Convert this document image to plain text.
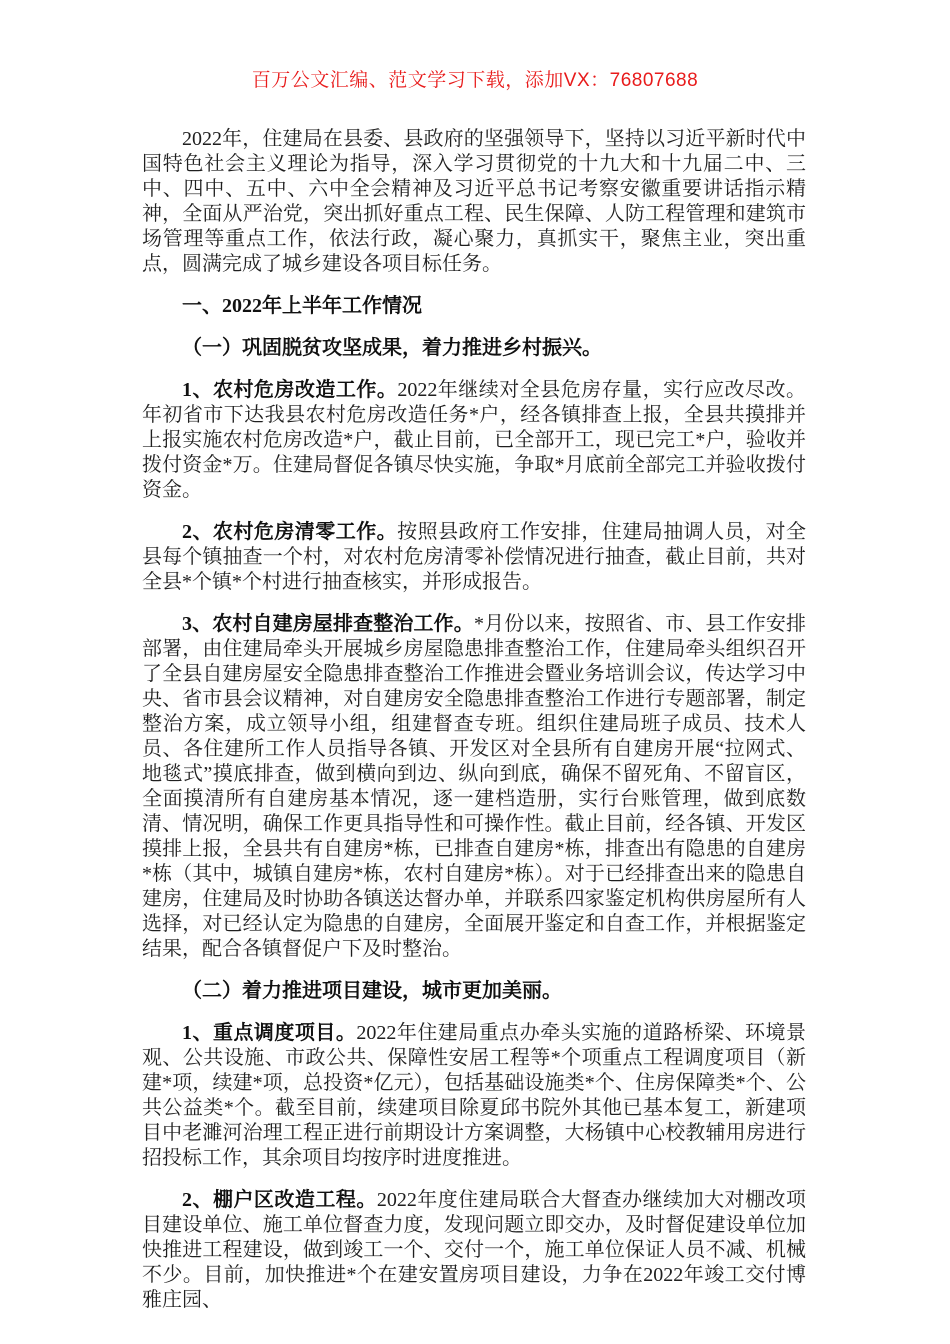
百万公文汇编、范文学习下载，添加VX：76807688

2022年，住建局在县委、县政府的坚强领导下，坚持以习近平新时代中国特色社会主义理论为指导，深入学习贯彻党的十九大和十九届二中、三中、四中、五中、六中全会精神及习近平总书记考察安徽重要讲话指示精神，全面从严治党，突出抓好重点工程、民生保障、人防工程管理和建筑市场管理等重点工作，依法行政，凝心聚力，真抓实干，聚焦主业，突出重点，圆满完成了城乡建设各项目标任务。

一、2022年上半年工作情况
（一）巩固脱贫攻坚成果，着力推进乡村振兴。

1、农村危房改造工作。2022年继续对全县危房存量，实行应改尽改。年初省市下达我县农村危房改造任务*户，经各镇排查上报，全县共摸排并上报实施农村危房改造*户，截止目前，已全部开工，现已完工*户，验收并拨付资金*万。住建局督促各镇尽快实施，争取*月底前全部完工并验收拨付资金。

2、农村危房清零工作。按照县政府工作安排，住建局抽调人员，对全县每个镇抽查一个村，对农村危房清零补偿情况进行抽查，截止目前，共对全县*个镇*个村进行抽查核实，并形成报告。

3、农村自建房屋排查整治工作。*月份以来，按照省、市、县工作安排部署，由住建局牵头开展城乡房屋隐患排查整治工作，住建局牵头组织召开了全县自建房屋安全隐患排查整治工作推进会暨业务培训会议，传达学习中央、省市县会议精神，对自建房安全隐患排查整治工作进行专题部署，制定整治方案，成立领导小组，组建督查专班。组织住建局班子成员、技术人员、各住建所工作人员指导各镇、开发区对全县所有自建房开展“拉网式、地毯式”摸底排查，做到横向到边、纵向到底，确保不留死角、不留盲区，全面摸清所有自建房基本情况，逐一建档造册，实行台账管理，做到底数清、情况明，确保工作更具指导性和可操作性。截止目前，经各镇、开发区摸排上报，全县共有自建房*栋，已排查自建房*栋，排查出有隐患的自建房*栋（其中，城镇自建房*栋，农村自建房*栋）。对于已经排查出来的隐患自建房，住建局及时协助各镇送达督办单，并联系四家鉴定机构供房屋所有人选择，对已经认定为隐患的自建房，全面展开鉴定和自查工作，并根据鉴定结果，配合各镇督促户下及时整治。

（二）着力推进项目建设，城市更加美丽。

1、重点调度项目。2022年住建局重点办牵头实施的道路桥梁、环境景观、公共设施、市政公共、保障性安居工程等*个项重点工程调度项目（新建*项，续建*项，总投资*亿元），包括基础设施类*个、住房保障类*个、公共公益类*个。截至目前，续建项目除夏邱书院外其他已基本复工，新建项目中老濉河治理工程正进行前期设计方案调整，大杨镇中心校教辅用房进行招投标工作，其余项目均按序时进度推进。

2、棚户区改造工程。2022年度住建局联合大督查办继续加大对棚改项目建设单位、施工单位督查力度，发现问题立即交办，及时督促建设单位加快推进工程建设，做到竣工一个、交付一个，施工单位保证人员不减、机械不少。目前，加快推进*个在建安置房项目建设，力争在2022年竣工交付博雅庄园、
